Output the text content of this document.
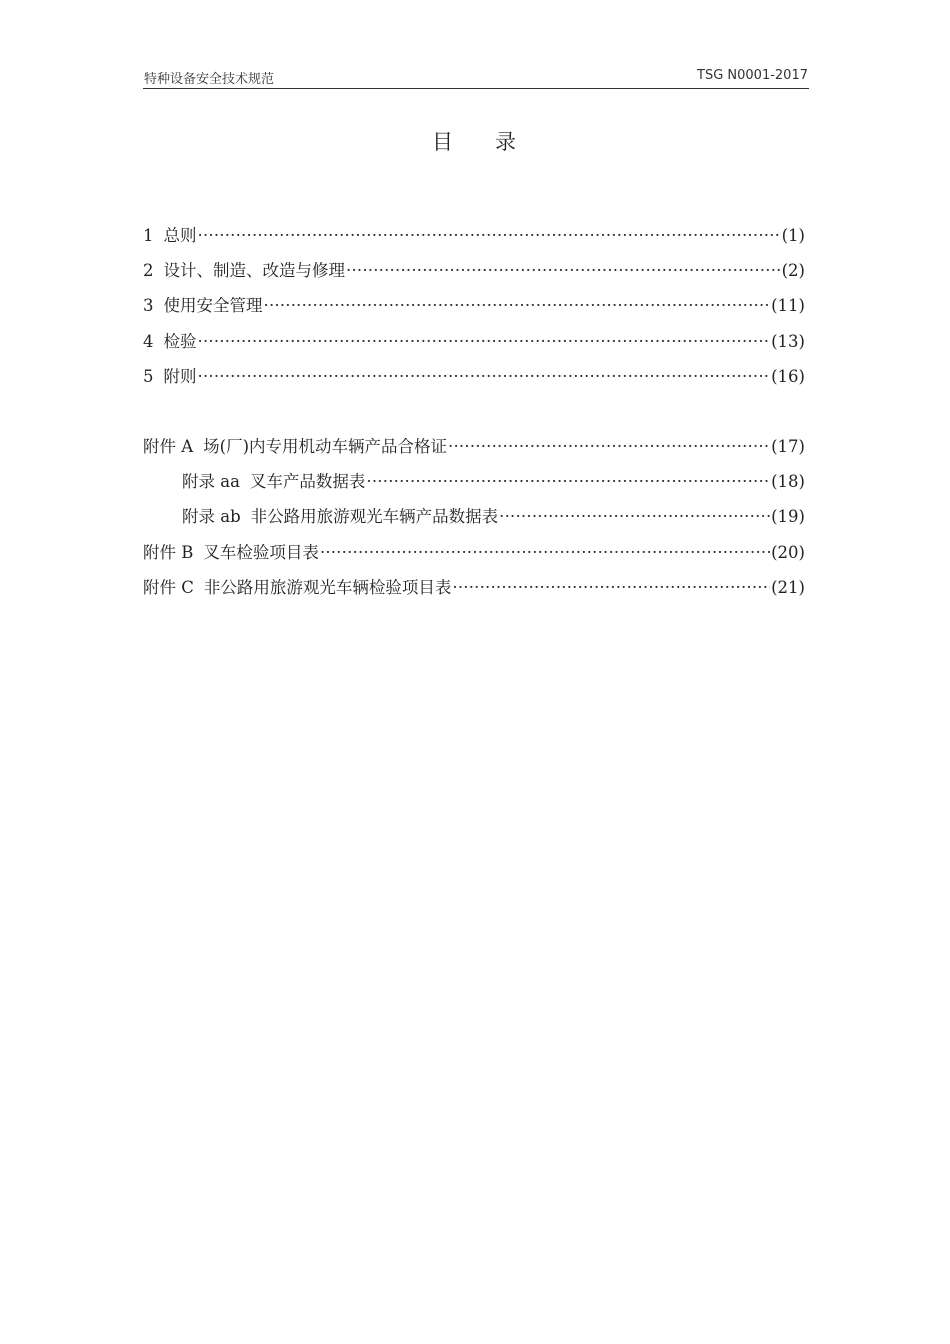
特种设备安全技术规范	TSG N0001-2017
目 录
1 总则 ·····	(1)
2 设计、制造、改造与修理 ·····	(2)
3 使用安全管理 ·····	(11)
4 检验 ·····	(13)
5 附则 ·····	(16)
附件 A 场(厂)内专用机动车辆产品合格证 ·····	(17)
附录 aa 叉车产品数据表 ·····	(18)
附录 ab 非公路用旅游观光车辆产品数据表 ·····	(19)
附件 B 叉车检验项目表 ·····	(20)
附件 C 非公路用旅游观光车辆检验项目表 ·····	(21)
